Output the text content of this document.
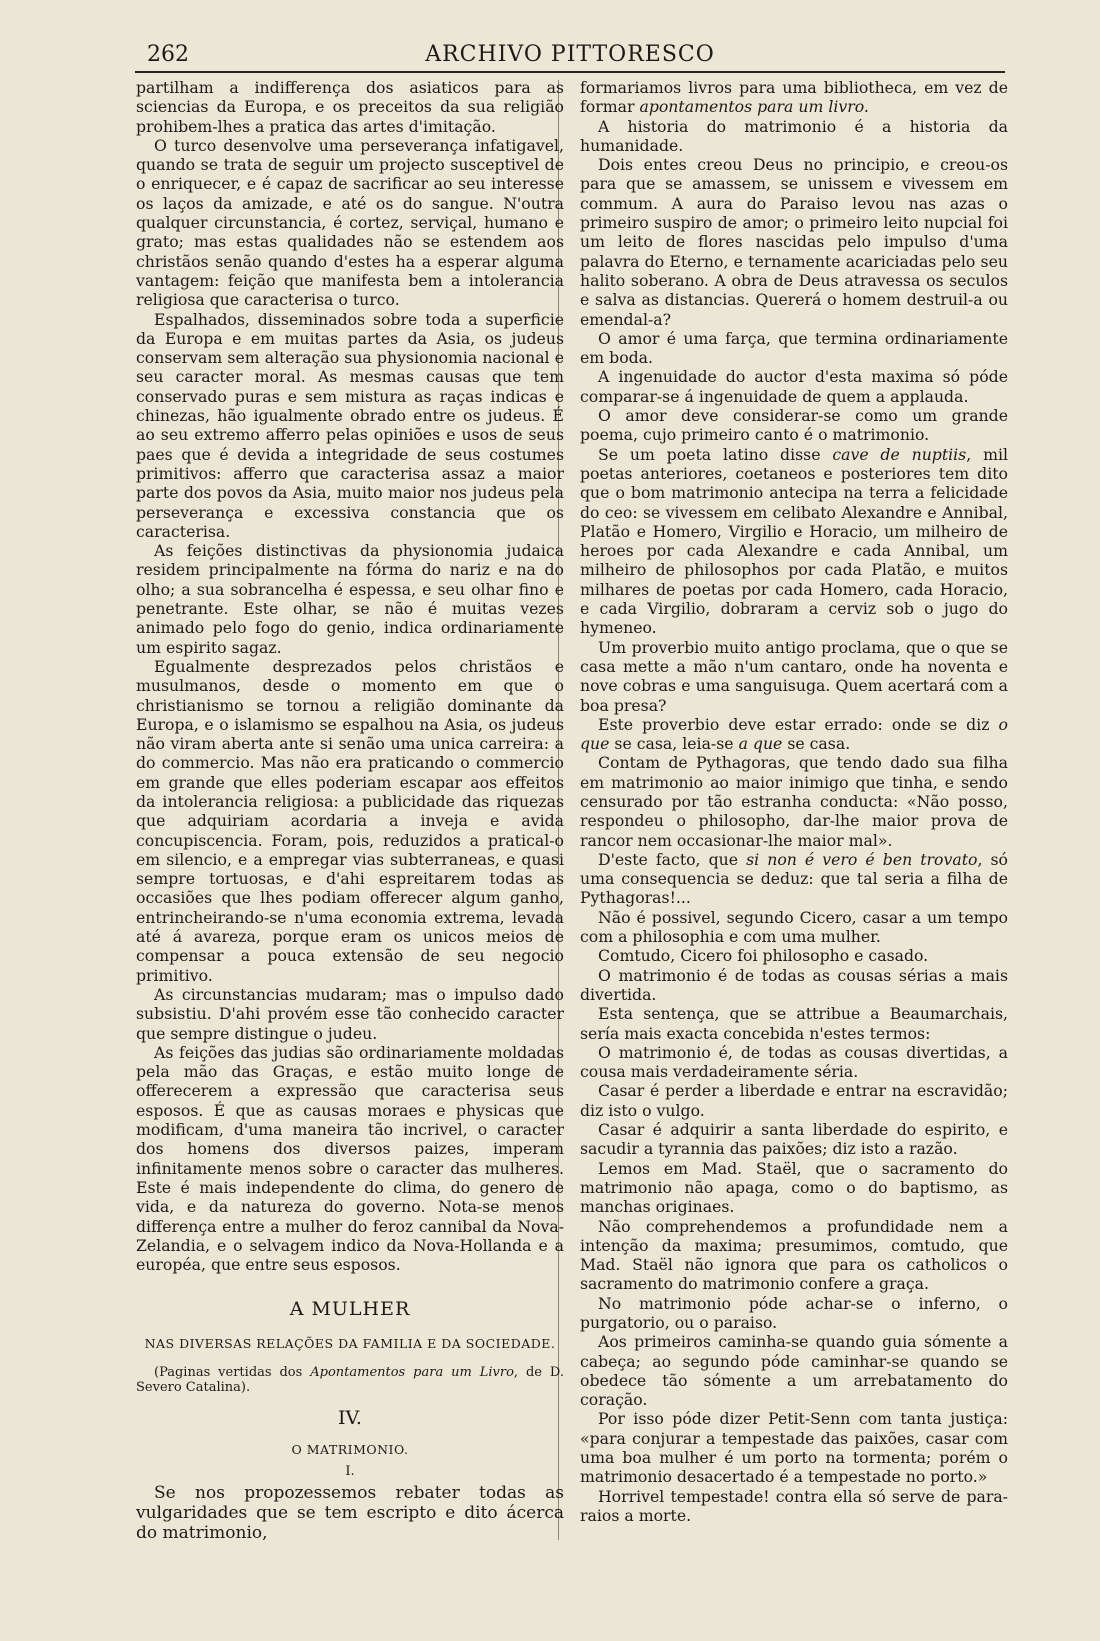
262	ARCHIVO PITTORESCO

partilham a indifferença dos asiaticos para as sciencias da Europa, e os preceitos da sua religião prohibem-lhes a pratica das artes d'imitação.

O turco desenvolve uma perseverança infatigavel, quando se trata de seguir um projecto susceptivel de o enriquecer, e é capaz de sacrificar ao seu interesse os laços da amizade, e até os do sangue. N'outra qualquer circunstancia, é cortez, serviçal, humano e grato; mas estas qualidades não se estendem aos christãos senão quando d'estes ha a esperar alguma vantagem: feição que manifesta bem a intolerancia religiosa que caracterisa o turco.

Espalhados, disseminados sobre toda a superficie da Europa e em muitas partes da Asia, os judeus conservam sem alteração sua physionomia nacional e seu caracter moral. As mesmas causas que tem conservado puras e sem mistura as raças indicas e chinezas, hão igualmente obrado entre os judeus. É ao seu extremo afferro pelas opiniões e usos de seus paes que é devida a integridade de seus costumes primitivos: afferro que caracterisa assaz a maior parte dos povos da Asia, muito maior nos judeus pela perseverança e excessiva constancia que os caracterisa.

As feições distinctivas da physionomia judaica residem principalmente na fórma do nariz e na do olho; a sua sobrancelha é espessa, e seu olhar fino e penetrante. Este olhar, se não é muitas vezes animado pelo fogo do genio, indica ordinariamente um espirito sagaz.

Egualmente desprezados pelos christãos e musulmanos, desde o momento em que o christianismo se tornou a religião dominante da Europa, e o islamismo se espalhou na Asia, os judeus não viram aberta ante si senão uma unica carreira: a do commercio. Mas não era praticando o commercio em grande que elles poderiam escapar aos effeitos da intolerancia religiosa: a publicidade das riquezas que adquiriam acordaria a inveja e avida concupiscencia. Foram, pois, reduzidos a pratical-o em silencio, e a empregar vias subterraneas, e quasi sempre tortuosas, e d'ahi espreitarem todas as occasiões que lhes podiam offerecer algum ganho, entrincheirando-se n'uma economia extrema, levada até á avareza, porque eram os unicos meios de compensar a pouca extensão de seu negocio primitivo.

As circunstancias mudaram; mas o impulso dado subsistiu. D'ahi provém esse tão conhecido caracter que sempre distingue o judeu.

As feições das judias são ordinariamente moldadas pela mão das Graças, e estão muito longe de offerecerem a expressão que caracterisa seus esposos. É que as causas moraes e physicas que modificam, d'uma maneira tão incrivel, o caracter dos homens dos diversos paizes, imperam infinitamente menos sobre o caracter das mulheres. Este é mais independente do clima, do genero de vida, e da natureza do governo. Nota-se menos differença entre a mulher do feroz cannibal da Nova-Zelandia, e o selvagem indico da Nova-Hollanda e a européa, que entre seus esposos.

A MULHER
NAS DIVERSAS RELAÇÕES DA FAMILIA E DA SOCIEDADE.

(Paginas vertidas dos Apontamentos para um Livro, de D. Severo Catalina).

IV.
O MATRIMONIO.
I.

Se nos propozessemos rebater todas as vulgaridades que se tem escripto e dito ácerca do matrimonio,

formariamos livros para uma bibliotheca, em vez de formar apontamentos para um livro.

A historia do matrimonio é a historia da humanidade.

Dois entes creou Deus no principio, e creou-os para que se amassem, se unissem e vivessem em commum. A aura do Paraiso levou nas azas o primeiro suspiro de amor; o primeiro leito nupcial foi um leito de flores nascidas pelo impulso d'uma palavra do Eterno, e ternamente acariciadas pelo seu halito soberano. A obra de Deus atravessa os seculos e salva as distancias. Quererá o homem destruil-a ou emendal-a?

O amor é uma farça, que termina ordinariamente em boda.

A ingenuidade do auctor d'esta maxima só póde comparar-se á ingenuidade de quem a applauda.

O amor deve considerar-se como um grande poema, cujo primeiro canto é o matrimonio.

Se um poeta latino disse cave de nuptiis, mil poetas anteriores, coetaneos e posteriores tem dito que o bom matrimonio antecipa na terra a felicidade do ceo: se vivessem em celibato Alexandre e Annibal, Platão e Homero, Virgilio e Horacio, um milheiro de heroes por cada Alexandre e cada Annibal, um milheiro de philosophos por cada Platão, e muitos milhares de poetas por cada Homero, cada Horacio, e cada Virgilio, dobraram a cerviz sob o jugo do hymeneo.

Um proverbio muito antigo proclama, que o que se casa mette a mão n'um cantaro, onde ha noventa e nove cobras e uma sanguisuga. Quem acertará com a boa presa?

Este proverbio deve estar errado: onde se diz o que se casa, leia-se a que se casa.

Contam de Pythagoras, que tendo dado sua filha em matrimonio ao maior inimigo que tinha, e sendo censurado por tão estranha conducta: «Não posso, respondeu o philosopho, dar-lhe maior prova de rancor nem occasionar-lhe maior mal».

D'este facto, que si non é vero é ben trovato, só uma consequencia se deduz: que tal seria a filha de Pythagoras!...

Não é possivel, segundo Cicero, casar a um tempo com a philosophia e com uma mulher.

Comtudo, Cicero foi philosopho e casado.

O matrimonio é de todas as cousas sérias a mais divertida.

Esta sentença, que se attribue a Beaumarchais, sería mais exacta concebida n'estes termos:

O matrimonio é, de todas as cousas divertidas, a cousa mais verdadeiramente séria.

Casar é perder a liberdade e entrar na escravidão; diz isto o vulgo.

Casar é adquirir a santa liberdade do espirito, e sacudir a tyrannia das paixões; diz isto a razão.

Lemos em Mad. Staël, que o sacramento do matrimonio não apaga, como o do baptismo, as manchas originaes.

Não comprehendemos a profundidade nem a intenção da maxima; presumimos, comtudo, que Mad. Staël não ignora que para os catholicos o sacramento do matrimonio confere a graça.

No matrimonio póde achar-se o inferno, o purgatorio, ou o paraiso.

Aos primeiros caminha-se quando guia sómente a cabeça; ao segundo póde caminhar-se quando se obedece tão sómente a um arrebatamento do coração.

Por isso póde dizer Petit-Senn com tanta justiça: «para conjurar a tempestade das paixões, casar com uma boa mulher é um porto na tormenta; porém o matrimonio desacertado é a tempestade no porto.»

Horrivel tempestade! contra ella só serve de para-raios a morte.
